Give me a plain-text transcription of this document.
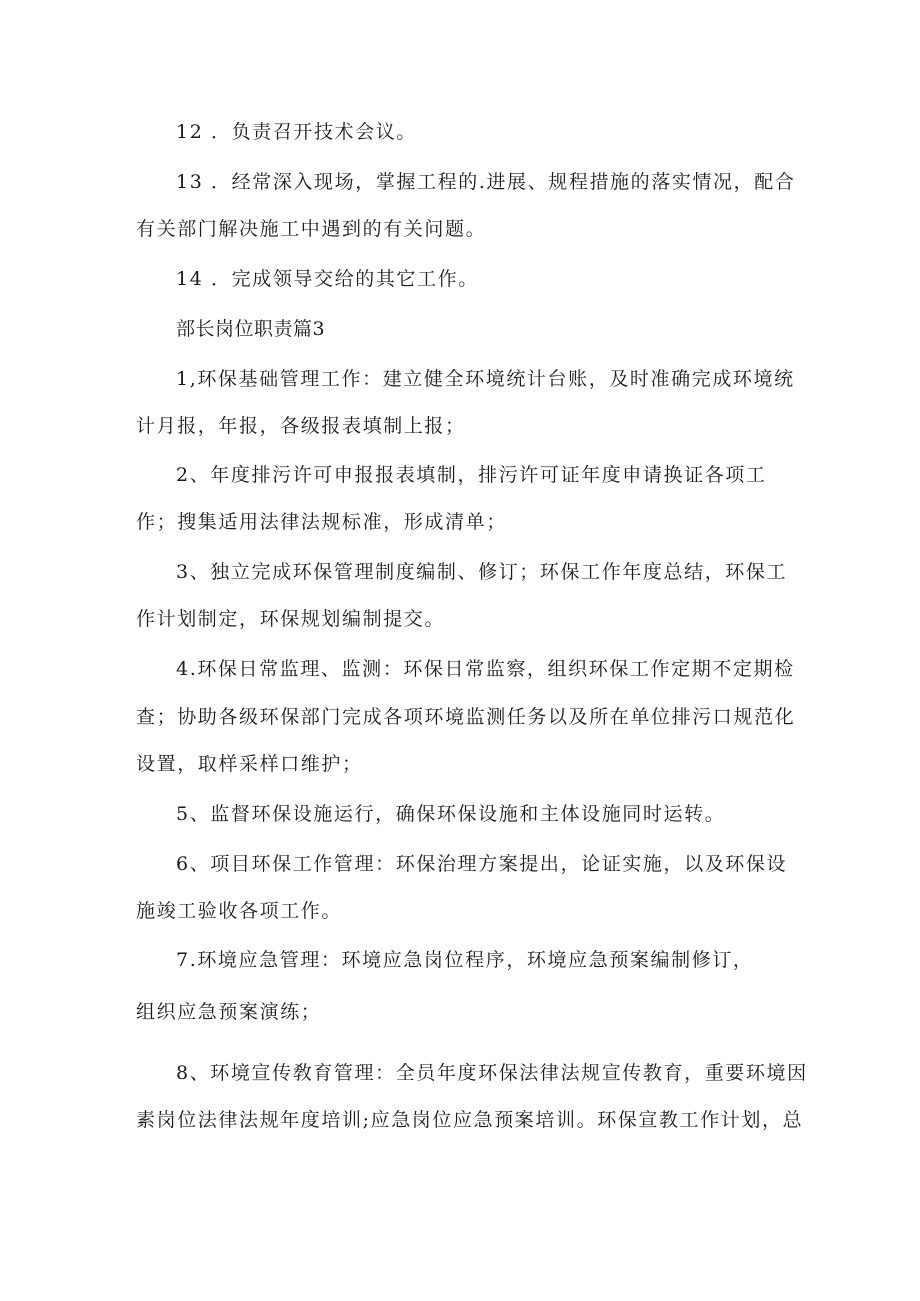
12 ．负责召开技术会议。
13 ．经常深入现场，掌握工程的.进展、规程措施的落实情况，配合
有关部门解决施工中遇到的有关问题。
14 ．完成领导交给的其它工作。
部长岗位职责篇3
1,环保基础管理工作：建立健全环境统计台账，及时准确完成环境统
计月报，年报，各级报表填制上报；
2、年度排污许可申报报表填制，排污许可证年度申请换证各项工
作；搜集适用法律法规标准，形成清单；
3、独立完成环保管理制度编制、修订；环保工作年度总结，环保工
作计划制定，环保规划编制提交。
4.环保日常监理、监测：环保日常监察，组织环保工作定期不定期检
查；协助各级环保部门完成各项环境监测任务以及所在单位排污口规范化
设置，取样采样口维护；
5、监督环保设施运行，确保环保设施和主体设施同时运转。
6、项目环保工作管理：环保治理方案提出，论证实施，以及环保设
施竣工验收各项工作。
7.环境应急管理：环境应急岗位程序，环境应急预案编制修订，
组织应急预案演练；
8、环境宣传敎育管理：全员年度环保法律法规宣传教育，重要环境因
素岗位法律法规年度培训;应急岗位应急预案培训。环保宣教工作计划，总
